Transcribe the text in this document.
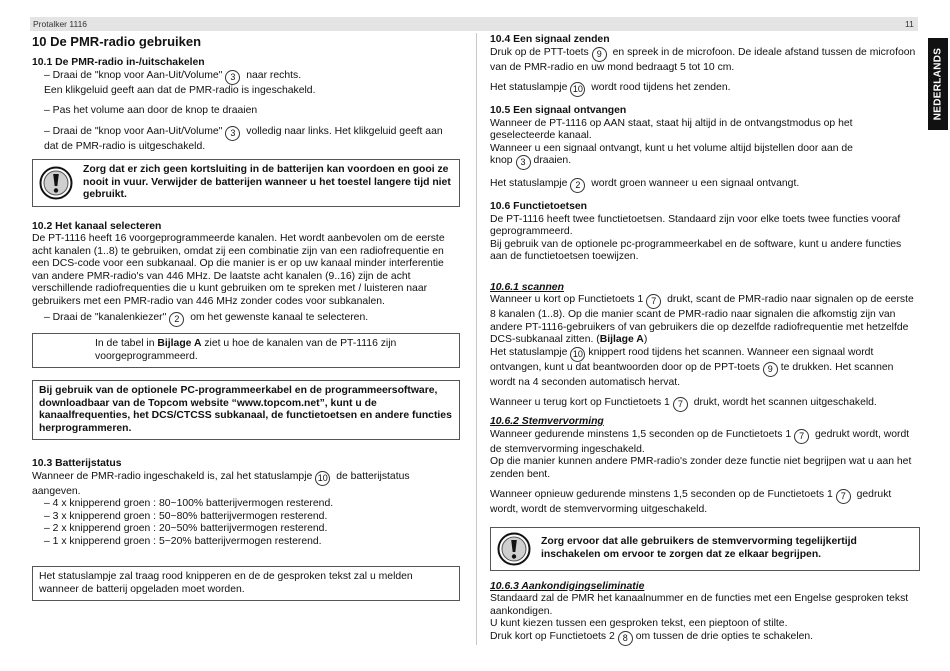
Protalker 1116	11
NEDERLANDS
10 De PMR-radio gebruiken
10.1 De PMR-radio in-/uitschakelen
– Draai de "knop voor Aan-Uit/Volume" 3 naar rechts.
Een klikgeluid geeft aan dat de PMR-radio is ingeschakeld.
– Pas het volume aan door de knop te draaien
– Draai de "knop voor Aan-Uit/Volume" 3 volledig naar links. Het klikgeluid geeft aan
dat de PMR-radio is uitgeschakeld.
Zorg dat er zich geen kortsluiting in de batterijen kan voordoen en gooi ze nooit in vuur. Verwijder de batterijen wanneer u het toestel langere tijd niet gebruikt.
10.2 Het kanaal selecteren
De PT-1116 heeft 16 voorgeprogrammeerde kanalen. Het wordt aanbevolen om de eerste acht kanalen (1..8) te gebruiken, omdat zij een combinatie zijn van een radiofrequentie en een DCS-code voor een subkanaal. Op die manier is er op uw kanaal minder interferentie van andere PMR-radio's van 446 MHz. De laatste acht kanalen (9..16) zijn de acht verschillende radiofrequenties die u kunt gebruiken om te spreken met / luisteren naar gebruikers met een PMR-radio van 446 MHz zonder codes voor subkanalen.
– Draai de "kanalenkiezer" 2 om het gewenste kanaal te selecteren.
In de tabel in Bijlage A ziet u hoe de kanalen van de PT-1116 zijn voorgeprogrammeerd.
Bij gebruik van de optionele PC-programmeerkabel en de programmeersoftware, downloadbaar van de Topcom website “www.topcom.net”, kunt u de kanaalfrequenties, het DCS/CTCSS subkanaal, de functietoetsen en andere functies herprogrammeren.
10.3 Batterijstatus
Wanneer de PMR-radio ingeschakeld is, zal het statuslampje 10 de batterijstatus aangeven.
– 4 x knipperend groen : 80~100% batterijvermogen resterend.
– 3 x knipperend groen : 50~80% batterijvermogen resterend.
– 2 x knipperend groen : 20~50% batterijvermogen resterend.
– 1 x knipperend groen : 5~20% batterijvermogen resterend.
Het statuslampje zal traag rood knipperen en de de gesproken tekst zal u melden wanneer de batterij opgeladen moet worden.
10.4 Een signaal zenden
Druk op de PTT-toets 9 en spreek in de microfoon. De ideale afstand tussen de microfoon van de PMR-radio en uw mond bedraagt 5 tot 10 cm.
Het statuslampje 10 wordt rood tijdens het zenden.
10.5 Een signaal ontvangen
Wanneer de PT-1116 op AAN staat, staat hij altijd in de ontvangstmodus op het geselecteerde kanaal.
Wanneer u een signaal ontvangt, kunt u het volume altijd bijstellen door aan de
knop 3 draaien.
Het statuslampje 2 wordt groen wanneer u een signaal ontvangt.
10.6 Functietoetsen
De PT-1116 heeft twee functietoetsen. Standaard zijn voor elke toets twee functies vooraf geprogrammeerd.
Bij gebruik van de optionele pc-programmeerkabel en de software, kunt u andere functies aan de functietoetsen toewijzen.
10.6.1 scannen
Wanneer u kort op Functietoets 1 7 drukt, scant de PMR-radio naar signalen op de eerste 8 kanalen (1..8). Op die manier scant de PMR-radio naar signalen die afkomstig zijn van andere PT-1116-gebruikers of van gebruikers die op dezelfde radiofrequentie met hetzelfde DCS-subkanaal zitten. (Bijlage A)
Het statuslampje 10 knippert rood tijdens het scannen. Wanneer een signaal wordt ontvangen, kunt u dat beantwoorden door op de PPT-toets 9 te drukken. Het scannen wordt na 4 seconden automatisch hervat.
Wanneer u terug kort op Functietoets 1 7 drukt, wordt het scannen uitgeschakeld.
10.6.2 Stemvervorming
Wanneer gedurende minstens 1,5 seconden op de Functietoets 1 7 gedrukt wordt, wordt de stemvervorming ingeschakeld.
Op die manier kunnen andere PMR-radio's zonder deze functie niet begrijpen wat u aan het zenden bent.
Wanneer opnieuw gedurende minstens 1,5 seconden op de Functietoets 1 7 gedrukt wordt, wordt de stemvervorming uitgeschakeld.
Zorg ervoor dat alle gebruikers de stemvervorming tegelijkertijd inschakelen om ervoor te zorgen dat ze elkaar begrijpen.
10.6.3 Aankondigingseliminatie
Standaard zal de PMR het kanaalnummer en de functies met een Engelse gesproken tekst aankondigen.
U kunt kiezen tussen een gesproken tekst, een pieptoon of stilte.
Druk kort op Functietoets 2 8 om tussen de drie opties te schakelen.
